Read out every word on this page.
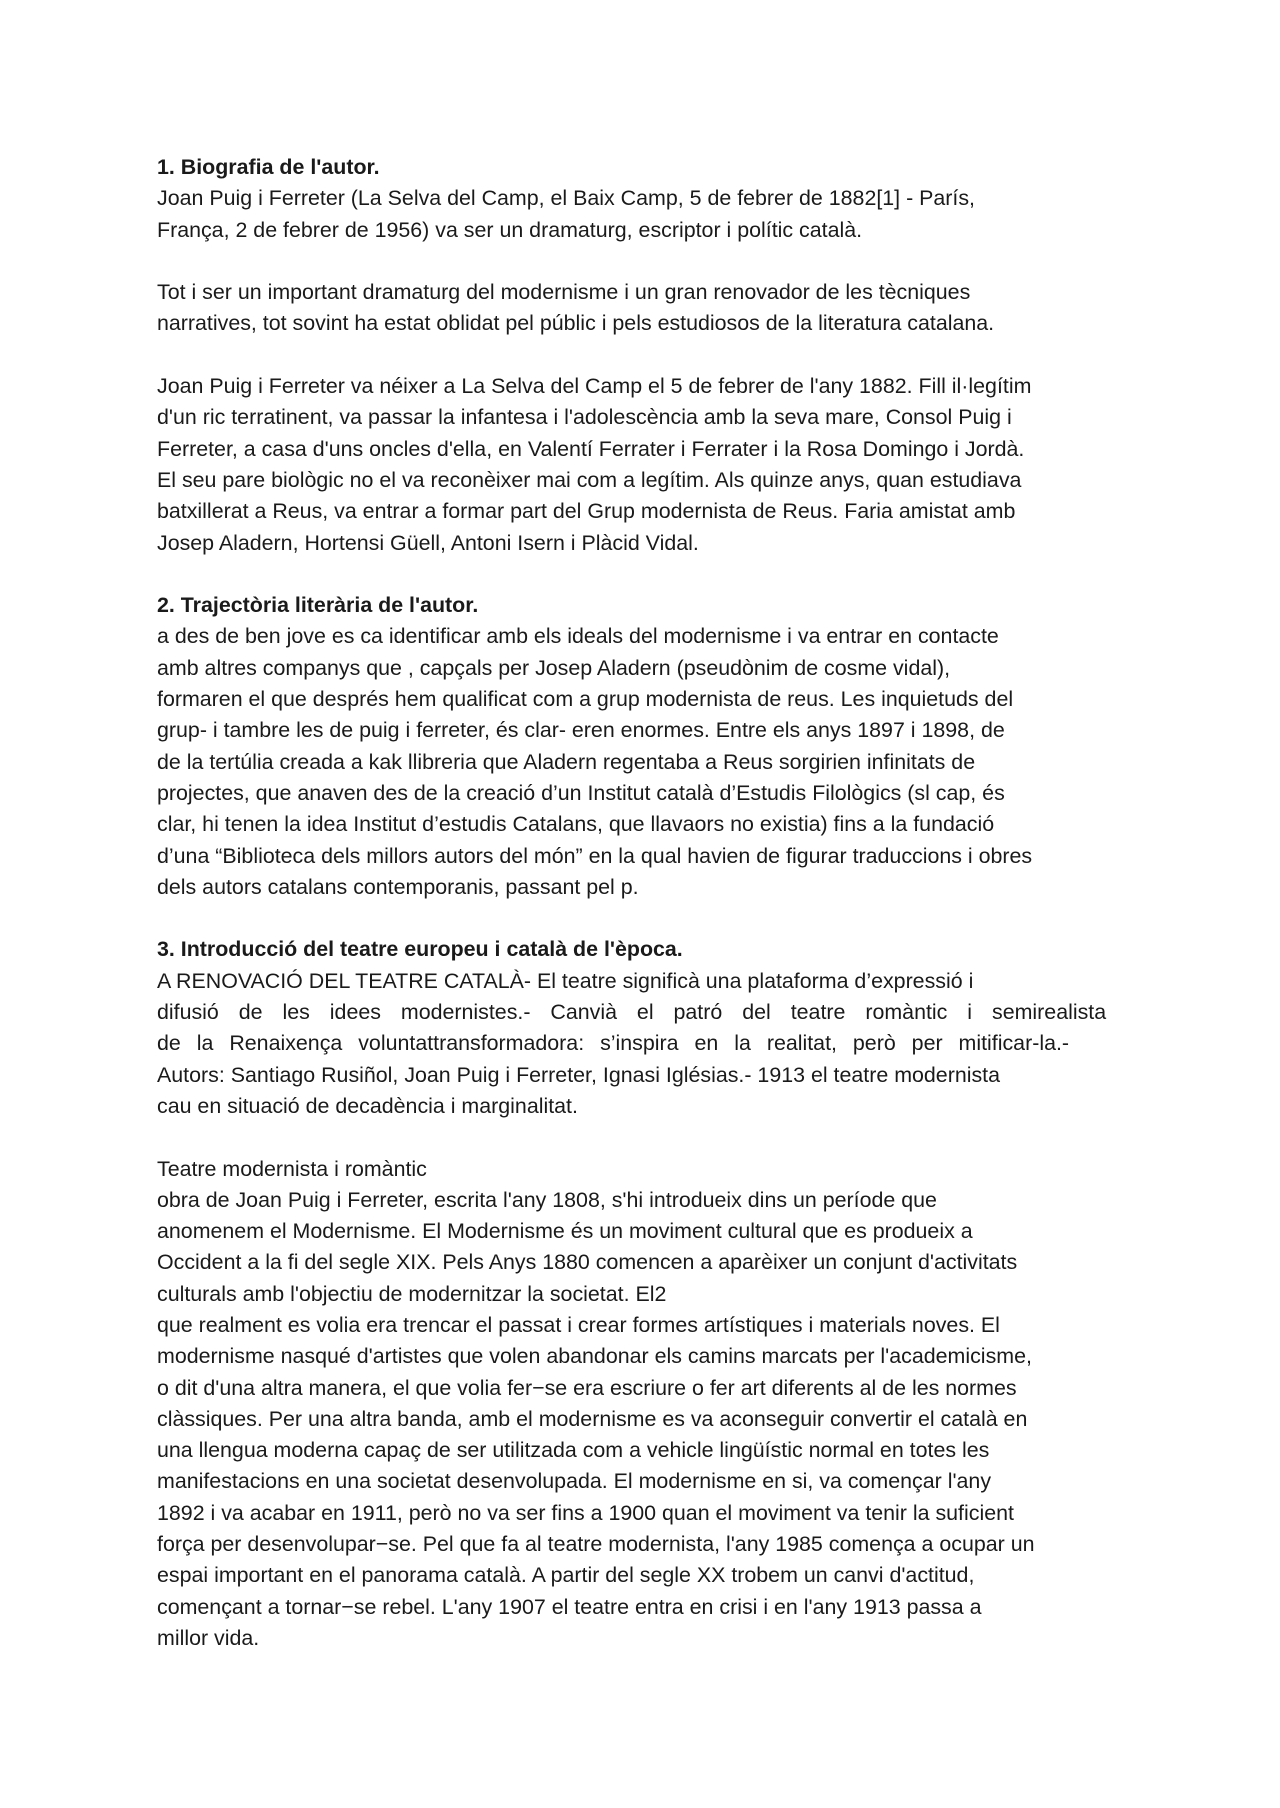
1. Biografia de l'autor.
Joan Puig i Ferreter (La Selva del Camp, el Baix Camp, 5 de febrer de 1882[1] - París,
França, 2 de febrer de 1956) va ser un dramaturg, escriptor i polític català.
Tot i ser un important dramaturg del modernisme i un gran renovador de les tècniques
narratives, tot sovint ha estat oblidat pel públic i pels estudiosos de la literatura catalana.
Joan Puig i Ferreter va néixer a La Selva del Camp el 5 de febrer de l'any 1882. Fill il·legítim
d'un ric terratinent, va passar la infantesa i l'adolescència amb la seva mare, Consol Puig i
Ferreter, a casa d'uns oncles d'ella, en Valentí Ferrater i Ferrater i la Rosa Domingo i Jordà.
El seu pare biològic no el va reconèixer mai com a legítim. Als quinze anys, quan estudiava
batxillerat a Reus, va entrar a formar part del Grup modernista de Reus. Faria amistat amb
Josep Aladern, Hortensi Güell, Antoni Isern i Plàcid Vidal.
2. Trajectòria literària de l'autor.
a des de ben jove es ca identificar amb els ideals del modernisme i va entrar en contacte
amb altres companys que , capçals per Josep Aladern (pseudònim de cosme vidal),
formaren el que després hem qualificat com a grup modernista de reus. Les inquietuds del
grup- i tambre les de puig i ferreter, és clar- eren enormes. Entre els anys 1897 i 1898, de
de la tertúlia creada a kak llibreria que Aladern regentaba a Reus sorgirien infinitats de
projectes, que anaven des de la creació d’un Institut català d’Estudis Filològics (sl cap, és
clar, hi tenen la idea Institut d’estudis Catalans, que llavaors no existia) fins a la fundació
d’una “Biblioteca dels millors autors del món” en la qual havien de figurar traduccions i obres
dels autors catalans contemporanis, passant pel p.
3. Introducció del teatre europeu i català de l'època.
A RENOVACIÓ DEL TEATRE CATALÀ- El teatre significà una plataforma d’expressió i
difusió de les idees modernistes.- Canvià el patró del teatre romàntic i semirealista
de la Renaixença voluntattransformadora: s’inspira en la realitat, però per mitificar-la.-
Autors: Santiago Rusiñol, Joan Puig i Ferreter, Ignasi Iglésias.- 1913 el teatre modernista
cau en situació de decadència i marginalitat.
Teatre modernista i romàntic
obra de Joan Puig i Ferreter, escrita l'any 1808, s'hi introdueix dins un període que
anomenem el Modernisme. El Modernisme és un moviment cultural que es produeix a
Occident a la fi del segle XIX. Pels Anys 1880 comencen a aparèixer un conjunt d'activitats
culturals amb l'objectiu de modernitzar la societat. El2
que realment es volia era trencar el passat i crear formes artístiques i materials noves. El
modernisme nasqué d'artistes que volen abandonar els camins marcats per l'academicisme,
o dit d'una altra manera, el que volia fer−se era escriure o fer art diferents al de les normes
clàssiques. Per una altra banda, amb el modernisme es va aconseguir convertir el català en
una llengua moderna capaç de ser utilitzada com a vehicle lingüístic normal en totes les
manifestacions en una societat desenvolupada. El modernisme en si, va començar l'any
1892 i va acabar en 1911, però no va ser fins a 1900 quan el moviment va tenir la suficient
força per desenvolupar−se. Pel que fa al teatre modernista, l'any 1985 comença a ocupar un
espai important en el panorama català. A partir del segle XX trobem un canvi d'actitud,
començant a tornar−se rebel. L'any 1907 el teatre entra en crisi i en l'any 1913 passa a
millor vida.
